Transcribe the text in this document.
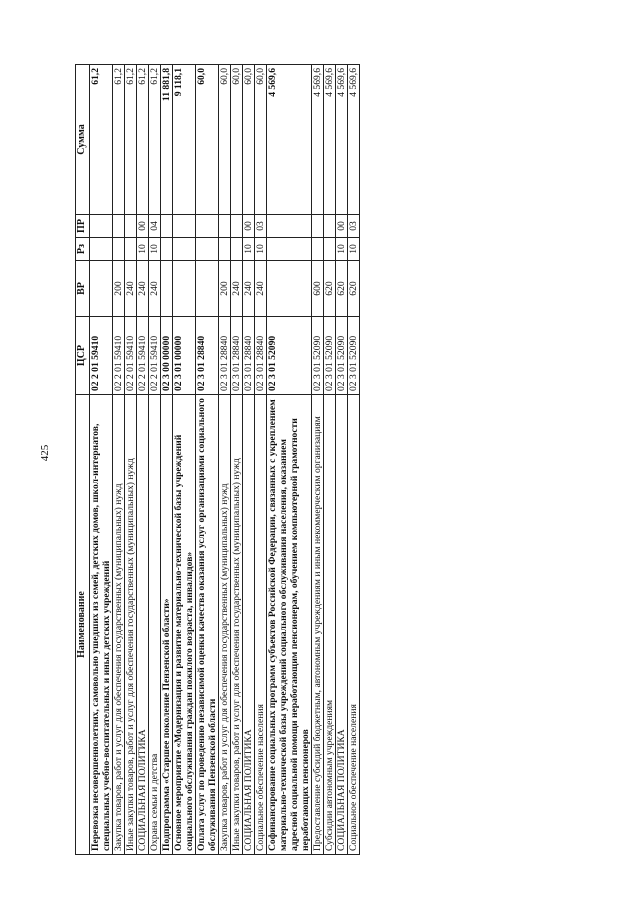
425
Наименование	ЦСР	ВР	Рз	ПР	Сумма
Перевозка несовершеннолетних, самовольно ушедших из семей, детских домов, школ-интернатов, специальных учебно-воспитательных и иных детских учреждений	02 2 01 59410				61,2
Закупка товаров, работ и услуг для обеспечения государственных (муниципальных) нужд	02 2 01 59410	200			61,2
Иные закупки товаров, работ и услуг для обеспечения государственных (муниципальных) нужд	02 2 01 59410	240			61,2
СОЦИАЛЬНАЯ ПОЛИТИКА	02 2 01 59410	240	10	00	61,2
Охрана семьи и детства	02 2 01 59410	240	10	04	61,2
Подпрограмма «Старшее поколение Пензенской области»	02 3 00 00000				11 881,8
Основное мероприятие «Модернизация и развитие материально-технической базы учреждений социального обслуживания граждан пожилого возраста, инвалидов»	02 3 01 00000				9 118,1
Оплата услуг по проведению независимой оценки качества оказания услуг организациями социального обслуживания Пензенской области	02 3 01 28840				60,0
Закупка товаров, работ и услуг для обеспечения государственных (муниципальных) нужд	02 3 01 28840	200			60,0
Иные закупки товаров, работ и услуг для обеспечения государственных (муниципальных) нужд	02 3 01 28840	240			60,0
СОЦИАЛЬНАЯ ПОЛИТИКА	02 3 01 28840	240	10	00	60,0
Социальное обеспечение населения	02 3 01 28840	240	10	03	60,0
Софинансирование социальных программ субъектов Российской Федерации, связанных с укреплением материально-технической базы учреждений социального обслуживания населения, оказанием адресной социальной помощи неработающим пенсионерам, обучением компьютерной грамотности неработающих пенсионеров	02 3 01 52090				4 569,6
Предоставление субсидий бюджетным, автономным учреждениям и иным некоммерческим организациям	02 3 01 52090	600			4 569,6
Субсидии автономным учреждениям	02 3 01 52090	620			4 569,6
СОЦИАЛЬНАЯ ПОЛИТИКА	02 3 01 52090	620	10	00	4 569,6
Социальное обеспечение населения	02 3 01 52090	620	10	03	4 569,6
